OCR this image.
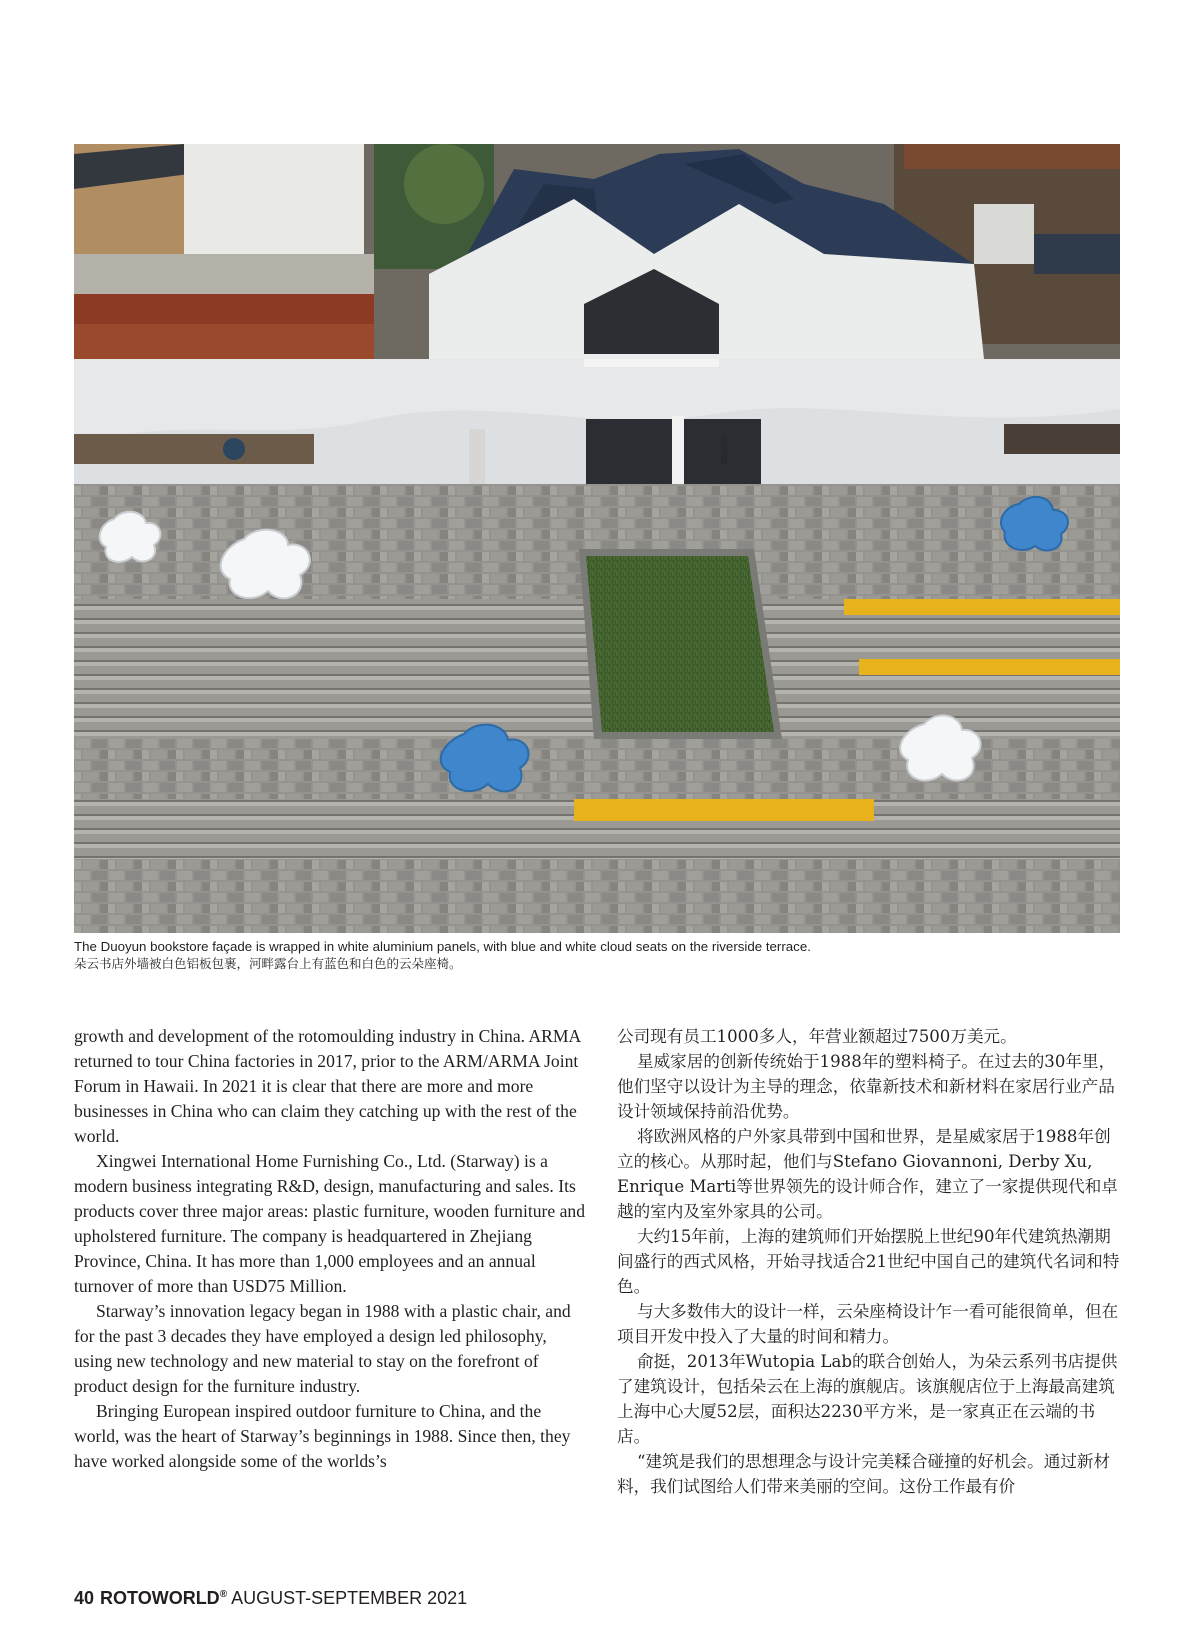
朵云书院
The Duoyun bookstore façade is wrapped in white aluminium panels, with blue and white cloud seats on the riverside terrace.
朵云书店外墙被白色铝板包裹，河畔露台上有蓝色和白色的云朵座椅。

growth and development of the rotomoulding industry in China. ARMA returned to tour China factories in 2017, prior to the ARM/ARMA Joint Forum in Hawaii. In 2021 it is clear that there are more and more businesses in China who can claim they catching up with the rest of the world.

Xingwei International Home Furnishing Co., Ltd. (Starway) is a modern business integrating R&D, design, manufacturing and sales. Its products cover three major areas: plastic furniture, wooden furniture and upholstered furniture. The company is headquartered in Zhejiang Province, China. It has more than 1,000 employees and an annual turnover of more than USD75 Million.

Starway’s innovation legacy began in 1988 with a plastic chair, and for the past 3 decades they have employed a design led philosophy, using new technology and new material to stay on the forefront of product design for the furniture industry.

Bringing European inspired outdoor furniture to China, and the world, was the heart of Starway’s beginnings in 1988. Since then, they have worked alongside some of the worlds’s

公司现有员工1000多人，年营业额超过7500万美元。

星威家居的创新传统始于1988年的塑料椅子。在过去的30年里，他们坚守以设计为主导的理念，依靠新技术和新材料在家居行业产品设计领域保持前沿优势。

将欧洲风格的户外家具带到中国和世界，是星威家居于1988年创立的核心。从那时起，他们与Stefano Giovannoni, Derby Xu, Enrique Marti等世界领先的设计师合作，建立了一家提供现代和卓越的室内及室外家具的公司。

大约15年前，上海的建筑师们开始摆脱上世纪90年代建筑热潮期间盛行的西式风格，开始寻找适合21世纪中国自己的建筑代名词和特色。

与大多数伟大的设计一样，云朵座椅设计乍一看可能很简单，但在项目开发中投入了大量的时间和精力。

俞挺，2013年Wutopia Lab的联合创始人，为朵云系列书店提供了建筑设计，包括朵云在上海的旗舰店。该旗舰店位于上海最高建筑上海中心大厦52层，面积达2230平方米，是一家真正在云端的书店。

“建筑是我们的思想理念与设计完美糅合碰撞的好机会。通过新材料，我们试图给人们带来美丽的空间。这份工作最有价

40 ROTOWORLD® AUGUST-SEPTEMBER 2021
